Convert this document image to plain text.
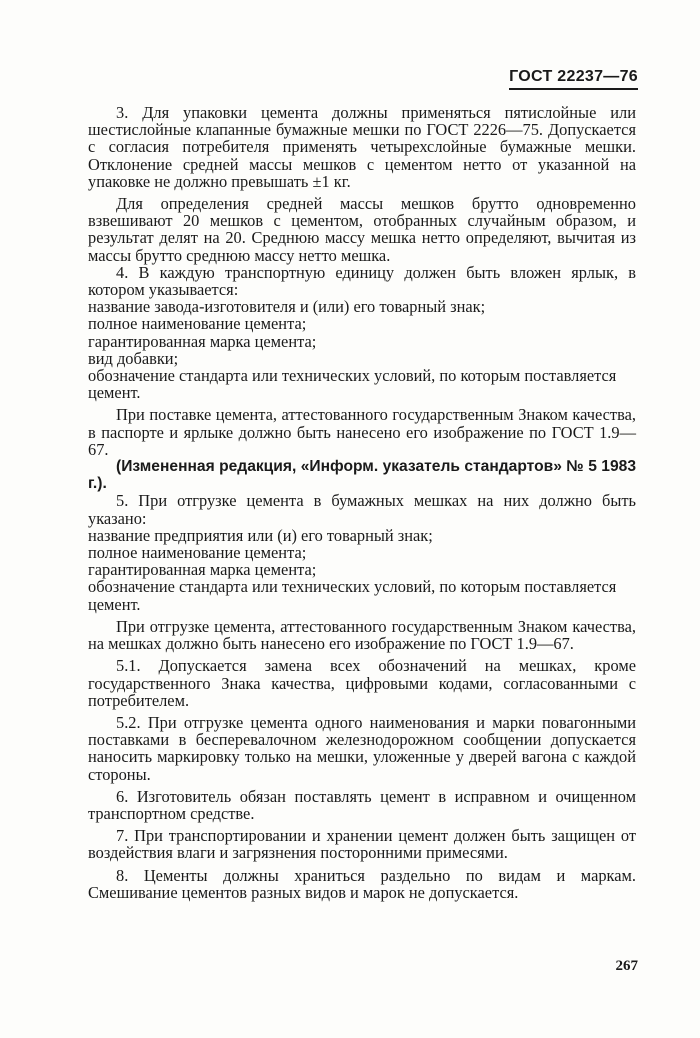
ГОСТ 22237—76

3. Для упаковки цемента должны применяться пятислойные или шестислойные клапанные бумажные мешки по ГОСТ 2226—75. Допускается с согласия потребителя применять четырехслойные бумажные мешки. Отклонение средней массы мешков с цементом нетто от указанной на упаковке не должно превышать ±1 кг.

Для определения средней массы мешков брутто одновременно взвешивают 20 мешков с цементом, отобранных случайным образом, и результат делят на 20. Среднюю массу мешка нетто определяют, вычитая из массы брутто среднюю массу нетто мешка.

4. В каждую транспортную единицу должен быть вложен ярлык, в котором указывается:

название завода-изготовителя и (или) его товарный знак;

полное наименование цемента;

гарантированная марка цемента;

вид добавки;

обозначение стандарта или технических условий, по которым поставляется цемент.

При поставке цемента, аттестованного государственным Знаком качества, в паспорте и ярлыке должно быть нанесено его изображение по ГОСТ 1.9—67.

(Измененная редакция, «Информ. указатель стандартов» № 5 1983 г.).

5. При отгрузке цемента в бумажных мешках на них должно быть указано:

название предприятия или (и) его товарный знак;

полное наименование цемента;

гарантированная марка цемента;

обозначение стандарта или технических условий, по которым поставляется цемент.

При отгрузке цемента, аттестованного государственным Знаком качества, на мешках должно быть нанесено его изображение по ГОСТ 1.9—67.

5.1. Допускается замена всех обозначений на мешках, кроме государственного Знака качества, цифровыми кодами, согласованными с потребителем.

5.2. При отгрузке цемента одного наименования и марки повагонными поставками в бесперевалочном железнодорожном сообщении допускается наносить маркировку только на мешки, уложенные у дверей вагона с каждой стороны.

6. Изготовитель обязан поставлять цемент в исправном и очищенном транспортном средстве.

7. При транспортировании и хранении цемент должен быть защищен от воздействия влаги и загрязнения посторонними примесями.

8. Цементы должны храниться раздельно по видам и маркам. Смешивание цементов разных видов и марок не допускается.

267
